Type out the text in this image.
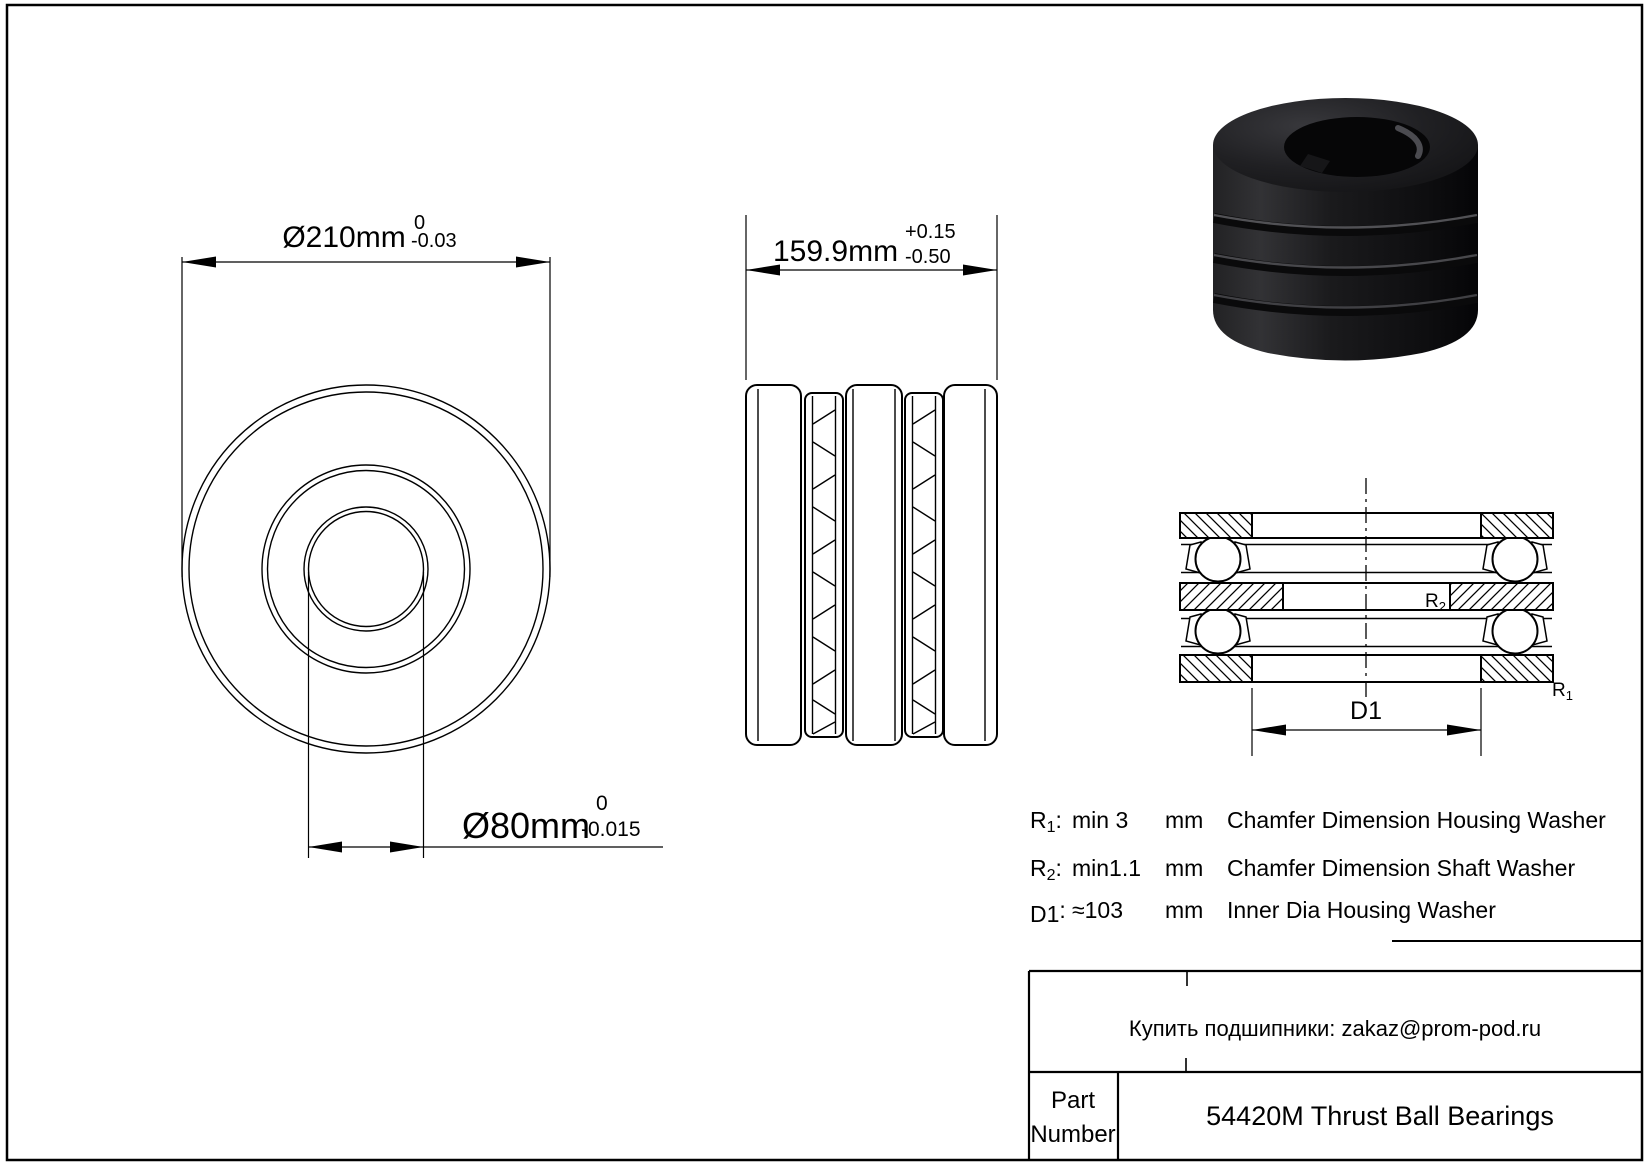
Ø210mm 0
-0.03
Ø80mm
0
-0.015
159.9mm
+0.15
-0.50
$R_2$
$R_1$
D1
R1: min 3 mm Chamfer Dimension Housing Washer
R2: min1.1 mm Chamfer Dimension Shaft Washer
D1: ≈103 mm Inner Dia Housing Washer
Купить подшипники: zakaz@prom-pod.ru
Part
Number
54420M Thrust Ball Bearings
